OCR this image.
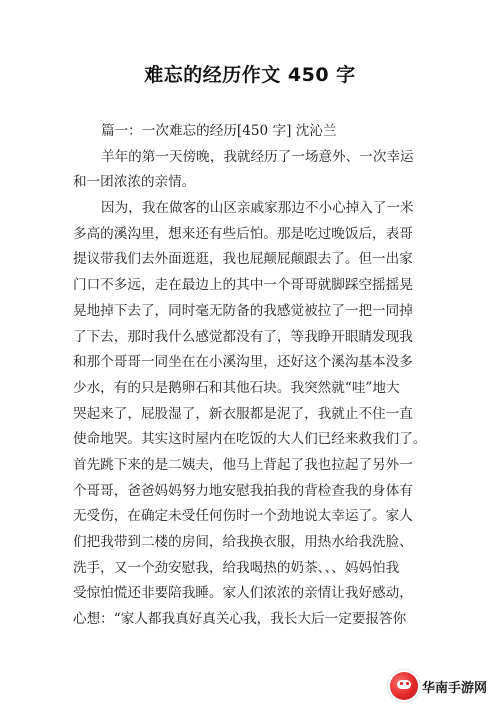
难忘的经历作文 450 字
篇一：一次难忘的经历[450 字] 沈沁兰
羊年的第一天傍晚，我就经历了一场意外、一次幸运
和一团浓浓的亲情。
因为，我在做客的山区亲戚家那边不小心掉入了一米
多高的溪沟里，想来还有些后怕。那是吃过晚饭后，表哥
提议带我们去外面逛逛，我也屁颠屁颠跟去了。但一出家
门口不多远，走在最边上的其中一个哥哥就脚踩空摇摇晃
晃地掉下去了，同时毫无防备的我感觉被拉了一把一同掉
了下去，那时我什么感觉都没有了，等我睁开眼睛发现我
和那个哥哥一同坐在在小溪沟里，还好这个溪沟基本没多
少水，有的只是鹅卵石和其他石块。我突然就“哇”地大
哭起来了，屁股湿了，新衣服都是泥了，我就止不住一直
使命地哭。其实这时屋内在吃饭的大人们已经来救我们了。
首先跳下来的是二姨夫，他马上背起了我也拉起了另外一
个哥哥，爸爸妈妈努力地安慰我拍我的背检查我的身体有
无受伤，在确定未受任何伤时一个劲地说太幸运了。家人
们把我带到二楼的房间，给我换衣服，用热水给我洗脸、
洗手，又一个劲安慰我，给我喝热的奶茶、、、妈妈怕我
受惊怕慌还非要陪我睡。家人们浓浓的亲情让我好感动，
心想：“家人都我真好真关心我，我长大后一定要报答你
华南手游网
